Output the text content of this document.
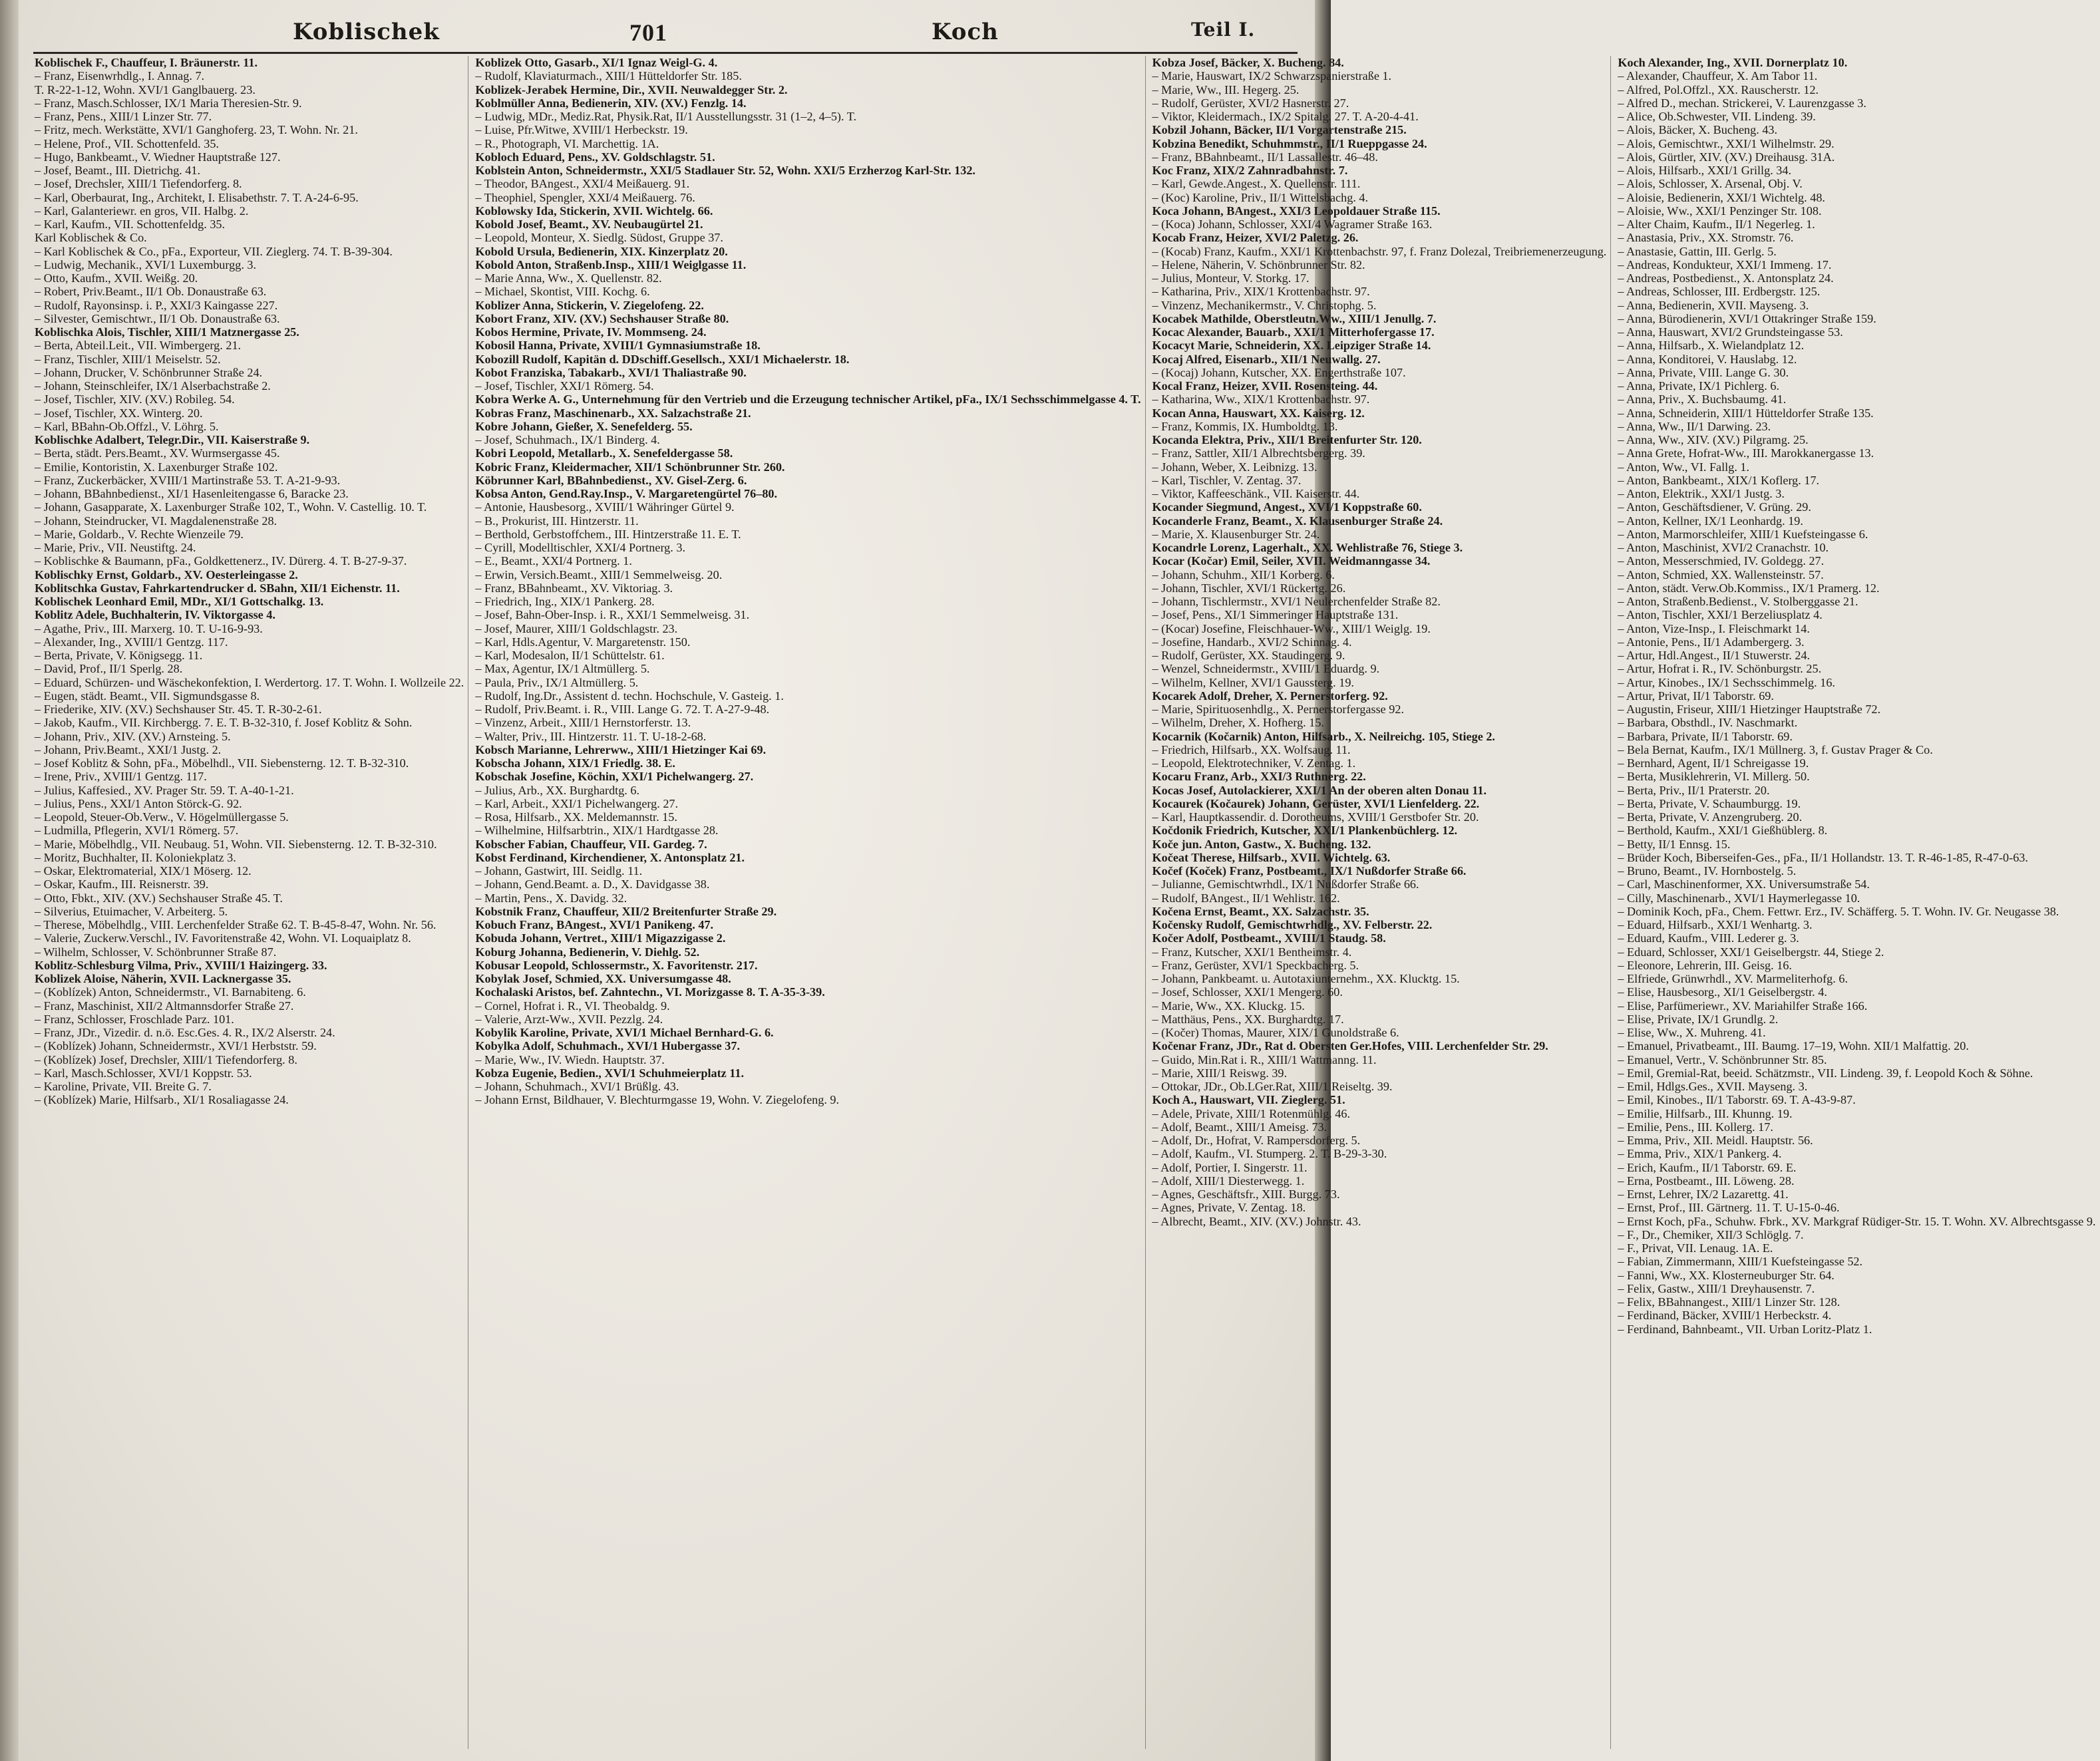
Koblischek	701	Koch	Teil I.
Koblischek F., Chauffeur, I. Bräunerstr. 11.
– Franz, Eisenwrhdlg., I. Annag. 7.
T. R-22-1-12, Wohn. XVI/1 Ganglbauerg. 23.
– Franz, Masch.Schlosser, IX/1 Maria Theresien-Str. 9.
– Franz, Pens., XIII/1 Linzer Str. 77.
– Fritz, mech. Werkstätte, XVI/1 Ganghoferg. 23, T. Wohn. Nr. 21.
– Helene, Prof., VII. Schottenfeld. 35.
– Hugo, Bankbeamt., V. Wiedner Hauptstraße 127.
– Josef, Beamt., III. Dietrichg. 41.
– Josef, Drechsler, XIII/1 Tiefendorferg. 8.
– Karl, Oberbaurat, Ing., Architekt, I. Elisabethstr. 7. T. A-24-6-95.
– Karl, Galanteriewr. en gros, VII. Halbg. 2.
– Karl, Kaufm., VII. Schottenfeldg. 35.
Karl Koblischek & Co.
– Karl Koblischek & Co., pFa., Exporteur, VII. Zieglerg. 74. T. B-39-304.
– Ludwig, Mechanik., XVI/1 Luxemburgg. 3.
– Otto, Kaufm., XVII. Weißg. 20.
– Robert, Priv.Beamt., II/1 Ob. Donaustraße 63.
– Rudolf, Rayonsinsp. i. P., XXI/3 Kaingasse 227.
– Silvester, Gemischtwr., II/1 Ob. Donaustraße 63.
Koblischka Alois, Tischler, XIII/1 Matznergasse 25.
– Berta, Abteil.Leit., VII. Wimbergerg. 21.
– Franz, Tischler, XIII/1 Meiselstr. 52.
– Johann, Drucker, V. Schönbrunner Straße 24.
– Johann, Steinschleifer, IX/1 Alserbachstraße 2.
– Josef, Tischler, XIV. (XV.) Robileg. 54.
– Josef, Tischler, XX. Winterg. 20.
– Karl, BBahn-Ob.Offzl., V. Löhrg. 5.
Koblischke Adalbert, Telegr.Dir., VII. Kaiserstraße 9.
– Berta, städt. Pers.Beamt., XV. Wurmsergasse 45.
– Emilie, Kontoristin, X. Laxenburger Straße 102.
– Franz, Zuckerbäcker, XVIII/1 Martinstraße 53. T. A-21-9-93.
– Johann, BBahnbedienst., XI/1 Hasenleitengasse 6, Baracke 23.
– Johann, Gasapparate, X. Laxenburger Straße 102, T., Wohn. V. Castellig. 10. T.
– Johann, Steindrucker, VI. Magdalenenstraße 28.
– Marie, Goldarb., V. Rechte Wienzeile 79.
– Marie, Priv., VII. Neustiftg. 24.
– Koblischke & Baumann, pFa., Goldkettenerz., IV. Dürerg. 4. T. B-27-9-37.
Koblischky Ernst, Goldarb., XV. Oesterleingasse 2.
Koblitschka Gustav, Fahrkartendrucker d. SBahn, XII/1 Eichenstr. 11.
Koblischek Leonhard Emil, MDr., XI/1 Gottschalkg. 13.
Koblitz Adele, Buchhalterin, IV. Viktorgasse 4.
– Agathe, Priv., III. Marxerg. 10. T. U-16-9-93.
– Alexander, Ing., XVIII/1 Gentzg. 117.
– Berta, Private, V. Königsegg. 11.
– David, Prof., II/1 Sperlg. 28.
– Eduard, Schürzen- und Wäschekonfektion, I. Werdertorg. 17. T. Wohn. I. Wollzeile 22.
– Eugen, städt. Beamt., VII. Sigmundsgasse 8.
– Friederike, XIV. (XV.) Sechshauser Str. 45. T. R-30-2-61.
– Jakob, Kaufm., VII. Kirchbergg. 7. E. T. B-32-310, f. Josef Koblitz & Sohn.
– Johann, Priv., XIV. (XV.) Arnsteing. 5.
– Johann, Priv.Beamt., XXI/1 Justg. 2.
– Josef Koblitz & Sohn, pFa., Möbelhdl., VII. Siebensterng. 12. T. B-32-310.
– Irene, Priv., XVIII/1 Gentzg. 117.
– Julius, Kaffesied., XV. Prager Str. 59. T. A-40-1-21.
– Julius, Pens., XXI/1 Anton Störck-G. 92.
– Leopold, Steuer-Ob.Verw., V. Högelmüllergasse 5.
– Ludmilla, Pflegerin, XVI/1 Römerg. 57.
– Marie, Möbelhdlg., VII. Neubaug. 51, Wohn. VII. Siebensterng. 12. T. B-32-310.
– Moritz, Buchhalter, II. Koloniekplatz 3.
– Oskar, Elektromaterial, XIX/1 Möserg. 12.
– Oskar, Kaufm., III. Reisnerstr. 39.
– Otto, Fbkt., XIV. (XV.) Sechshauser Straße 45. T.
– Silverius, Etuimacher, V. Arbeiterg. 5.
– Therese, Möbelhdlg., VIII. Lerchenfelder Straße 62. T. B-45-8-47, Wohn. Nr. 56.
– Valerie, Zuckerw.Verschl., IV. Favoritenstraße 42, Wohn. VI. Loquaiplatz 8.
– Wilhelm, Schlosser, V. Schönbrunner Straße 87.
Koblitz-Schlesburg Vilma, Priv., XVIII/1 Haizingerg. 33.
Koblizek Aloise, Näherin, XVII. Lacknergasse 35.
– (Koblízek) Anton, Schneidermstr., VI. Barnabiteng. 6.
– Franz, Maschinist, XII/2 Altmannsdorfer Straße 27.
– Franz, Schlosser, Froschlade Parz. 101.
– Franz, JDr., Vizedir. d. n.ö. Esc.Ges. 4. R., IX/2 Alserstr. 24.
– (Koblízek) Johann, Schneidermstr., XVI/1 Herbststr. 59.
– (Koblízek) Josef, Drechsler, XIII/1 Tiefendorferg. 8.
– Karl, Masch.Schlosser, XVI/1 Koppstr. 53.
– Karoline, Private, VII. Breite G. 7.
– (Koblízek) Marie, Hilfsarb., XI/1 Rosaliagasse 24.
Koblizek Otto, Gasarb., XI/1 Ignaz Weigl-G. 4.
– Rudolf, Klaviaturmach., XIII/1 Hütteldorfer Str. 185.
Koblizek-Jerabek Hermine, Dir., XVII. Neuwaldegger Str. 2.
Koblmüller Anna, Bedienerin, XIV. (XV.) Fenzlg. 14.
– Ludwig, MDr., Mediz.Rat, Physik.Rat, II/1 Ausstellungsstr. 31 (1–2, 4–5). T.
– Luise, Pfr.Witwe, XVIII/1 Herbeckstr. 19.
– R., Photograph, VI. Marchettig. 1A.
Kobloch Eduard, Pens., XV. Goldschlagstr. 51.
Koblstein Anton, Schneidermstr., XXI/5 Stadlauer Str. 52, Wohn. XXI/5 Erzherzog Karl-Str. 132.
– Theodor, BAngest., XXI/4 Meißauerg. 91.
– Theophiel, Spengler, XXI/4 Meißauerg. 76.
Koblowsky Ida, Stickerin, XVII. Wichtelg. 66.
Kobold Josef, Beamt., XV. Neubaugürtel 21.
– Leopold, Monteur, X. Siedlg. Südost, Gruppe 37.
Kobold Ursula, Bedienerin, XIX. Kinzerplatz 20.
Kobold Anton, Straßenb.Insp., XIII/1 Weiglgasse 11.
– Marie Anna, Ww., X. Quellenstr. 82.
– Michael, Skontist, VIII. Kochg. 6.
Koblizer Anna, Stickerin, V. Ziegelofeng. 22.
Kobort Franz, XIV. (XV.) Sechshauser Straße 80.
Kobos Hermine, Private, IV. Mommseng. 24.
Kobosil Hanna, Private, XVIII/1 Gymnasiumstraße 18.
Kobozill Rudolf, Kapitän d. DDschiff.Gesellsch., XXI/1 Michaelerstr. 18.
Kobot Franziska, Tabakarb., XVI/1 Thaliastraße 90.
– Josef, Tischler, XXI/1 Römerg. 54.
Kobra Werke A. G., Unternehmung für den Vertrieb und die Erzeugung technischer Artikel, pFa., IX/1 Sechsschimmelgasse 4. T.
Kobras Franz, Maschinenarb., XX. Salzachstraße 21.
Kobre Johann, Gießer, X. Senefelderg. 55.
– Josef, Schuhmach., IX/1 Binderg. 4.
Kobri Leopold, Metallarb., X. Senefeldergasse 58.
Kobric Franz, Kleidermacher, XII/1 Schönbrunner Str. 260.
Köbrunner Karl, BBahnbedienst., XV. Gisel-Zerg. 6.
Kobsa Anton, Gend.Ray.Insp., V. Margaretengürtel 76–80.
– Antonie, Hausbesorg., XVIII/1 Währinger Gürtel 9.
– B., Prokurist, III. Hintzerstr. 11.
– Berthold, Gerbstoffchem., III. Hintzerstraße 11. E. T.
– Cyrill, Modelltischler, XXI/4 Portnerg. 3.
– E., Beamt., XXI/4 Portnerg. 1.
– Erwin, Versich.Beamt., XIII/1 Semmelweisg. 20.
– Franz, BBahnbeamt., XV. Viktoriag. 3.
– Friedrich, Ing., XIX/1 Pankerg. 28.
– Josef, Bahn-Ober-Insp. i. R., XXI/1 Semmelweisg. 31.
– Josef, Maurer, XIII/1 Goldschlagstr. 23.
– Karl, Hdls.Agentur, V. Margaretenstr. 150.
– Karl, Modesalon, II/1 Schüttelstr. 61.
– Max, Agentur, IX/1 Altmüllerg. 5.
– Paula, Priv., IX/1 Altmüllerg. 5.
– Rudolf, Ing.Dr., Assistent d. techn. Hochschule, V. Gasteig. 1.
– Rudolf, Priv.Beamt. i. R., VIII. Lange G. 72. T. A-27-9-48.
– Vinzenz, Arbeit., XIII/1 Hernstorferstr. 13.
– Walter, Priv., III. Hintzerstr. 11. T. U-18-2-68.
Kobsch Marianne, Lehrerww., XIII/1 Hietzinger Kai 69.
Kobscha Johann, XIX/1 Friedlg. 38. E.
Kobschak Josefine, Köchin, XXI/1 Pichelwangerg. 27.
– Julius, Arb., XX. Burghardtg. 6.
– Karl, Arbeit., XXI/1 Pichelwangerg. 27.
– Rosa, Hilfsarb., XX. Meldemannstr. 15.
– Wilhelmine, Hilfsarbtrin., XIX/1 Hardtgasse 28.
Kobscher Fabian, Chauffeur, VII. Gardeg. 7.
Kobst Ferdinand, Kirchendiener, X. Antonsplatz 21.
– Johann, Gastwirt, III. Seidlg. 11.
– Johann, Gend.Beamt. a. D., X. Davidgasse 38.
– Martin, Pens., X. Davidg. 32.
Kobstnik Franz, Chauffeur, XII/2 Breitenfurter Straße 29.
Kobuch Franz, BAngest., XVI/1 Panikeng. 47.
Kobuda Johann, Vertret., XIII/1 Migazzigasse 2.
Koburg Johanna, Bedienerin, V. Diehlg. 52.
Kobusar Leopold, Schlossermstr., X. Favoritenstr. 217.
Kobylak Josef, Schmied, XX. Universumgasse 48.
Kochalaski Aristos, bef. Zahntechn., VI. Morizgasse 8. T. A-35-3-39.
– Cornel, Hofrat i. R., VI. Theobaldg. 9.
– Valerie, Arzt-Ww., XVII. Pezzlg. 24.
Kobylik Karoline, Private, XVI/1 Michael Bernhard-G. 6.
Kobylka Adolf, Schuhmach., XVI/1 Hubergasse 37.
– Marie, Ww., IV. Wiedn. Hauptstr. 37.
Kobza Eugenie, Bedien., XVI/1 Schuhmeierplatz 11.
– Johann, Schuhmach., XVI/1 Brüßlg. 43.
– Johann Ernst, Bildhauer, V. Blechturmgasse 19, Wohn. V. Ziegelofeng. 9.
Kobza Josef, Bäcker, X. Bucheng. 84.
– Marie, Hauswart, IX/2 Schwarzspanierstraße 1.
– Marie, Ww., III. Hegerg. 25.
– Rudolf, Gerüster, XVI/2 Hasnerstr. 27.
– Viktor, Kleidermach., IX/2 Spitalg. 27. T. A-20-4-41.
Kobzil Johann, Bäcker, II/1 Vorgartenstraße 215.
Kobzina Benedikt, Schuhmmstr., II/1 Rueppgasse 24.
– Franz, BBahnbeamt., II/1 Lassallestr. 46–48.
Koc Franz, XIX/2 Zahnradbahnstr. 7.
– Karl, Gewde.Angest., X. Quellenstr. 111.
– (Koc) Karoline, Priv., II/1 Wittelsbachg. 4.
Koca Johann, BAngest., XXI/3 Leopoldauer Straße 115.
– (Koca) Johann, Schlosser, XXI/4 Wagramer Straße 163.
Kocab Franz, Heizer, XVI/2 Paletzg. 26.
– (Kocab) Franz, Kaufm., XXI/1 Krottenbachstr. 97, f. Franz Dolezal, Treibriemenerzeugung.
– Helene, Näherin, V. Schönbrunner Str. 82.
– Julius, Monteur, V. Storkg. 17.
– Katharina, Priv., XIX/1 Krottenbachstr. 97.
– Vinzenz, Mechanikermstr., V. Christophg. 5.
Kocabek Mathilde, Oberstleutn.Ww., XIII/1 Jenullg. 7.
Kocac Alexander, Bauarb., XXI/1 Mitterhofergasse 17.
Kocacyt Marie, Schneiderin, XX. Leipziger Straße 14.
Kocaj Alfred, Eisenarb., XII/1 Neuwallg. 27.
– (Kocaj) Johann, Kutscher, XX. Engerthstraße 107.
Kocal Franz, Heizer, XVII. Rosensteing. 44.
– Katharina, Ww., XIX/1 Krottenbachstr. 97.
Kocan Anna, Hauswart, XX. Kaiserg. 12.
– Franz, Kommis, IX. Humboldtg. 13.
Kocanda Elektra, Priv., XII/1 Breitenfurter Str. 120.
– Franz, Sattler, XII/1 Albrechtsbergerg. 39.
– Johann, Weber, X. Leibnizg. 13.
– Karl, Tischler, V. Zentag. 37.
– Viktor, Kaffeeschänk., VII. Kaiserstr. 44.
Kocander Siegmund, Angest., XVI/1 Koppstraße 60.
Kocanderle Franz, Beamt., X. Klausenburger Straße 24.
– Marie, X. Klausenburger Str. 24.
Kocandrle Lorenz, Lagerhalt., XX. Wehlistraße 76, Stiege 3.
Kocar (Kočar) Emil, Seiler, XVII. Weidmanngasse 34.
– Johann, Schuhm., XII/1 Korberg. 6.
– Johann, Tischler, XVI/1 Rückertg. 26.
– Johann, Tischlermstr., XVI/1 Neulerchenfelder Straße 82.
– Josef, Pens., XI/1 Simmeringer Hauptstraße 131.
– (Kocar) Josefine, Fleischhauer-Ww., XIII/1 Weiglg. 19.
– Josefine, Handarb., XVI/2 Schinnag. 4.
– Rudolf, Gerüster, XX. Staudingerg. 9.
– Wenzel, Schneidermstr., XVIII/1 Eduardg. 9.
– Wilhelm, Kellner, XVI/1 Gaussterg. 19.
Kocarek Adolf, Dreher, X. Pernerstorferg. 92.
– Marie, Spirituosenhdlg., X. Pernerstorfergasse 92.
– Wilhelm, Dreher, X. Hofherg. 15.
Kocarnik (Kočarnik) Anton, Hilfsarb., X. Neilreichg. 105, Stiege 2.
– Friedrich, Hilfsarb., XX. Wolfsaug. 11.
– Leopold, Elektrotechniker, V. Zentag. 1.
Kocaru Franz, Arb., XXI/3 Ruthnerg. 22.
Kocas Josef, Autolackierer, XXI/1 An der oberen alten Donau 11.
Kocaurek (Kočaurek) Johann, Gerüster, XVI/1 Lienfelderg. 22.
– Karl, Hauptkassendir. d. Dorotheums, XVIII/1 Gerstbofer Str. 20.
Kočdonik Friedrich, Kutscher, XXI/1 Plankenbüchlerg. 12.
Koče jun. Anton, Gastw., X. Bucheng. 132.
Kočeat Therese, Hilfsarb., XVII. Wichtelg. 63.
Kočef (Koček) Franz, Postbeamt., IX/1 Nußdorfer Straße 66.
– Julianne, Gemischtwrhdl., IX/1 Nußdorfer Straße 66.
– Rudolf, BAngest., II/1 Wehlistr. 162.
Kočena Ernst, Beamt., XX. Salzachstr. 35.
Kočensky Rudolf, Gemischtwrhdlg., XV. Felberstr. 22.
Kočer Adolf, Postbeamt., XVIII/1 Staudg. 58.
– Franz, Kutscher, XXI/1 Bentheimstr. 4.
– Franz, Gerüster, XVI/1 Speckbacherg. 5.
– Johann, Pankbeamt. u. Autotaxiunternehm., XX. Klucktg. 15.
– Josef, Schlosser, XXI/1 Mengerg. 60.
– Marie, Ww., XX. Kluckg. 15.
– Matthäus, Pens., XX. Burghardtg. 17.
– (Kočer) Thomas, Maurer, XIX/1 Gunoldstraße 6.
Kočenar Franz, JDr., Rat d. Obersten Ger.Hofes, VIII. Lerchenfelder Str. 29.
– Guido, Min.Rat i. R., XIII/1 Wattmanng. 11.
– Marie, XIII/1 Reiswg. 39.
– Ottokar, JDr., Ob.LGer.Rat, XIII/1 Reiseltg. 39.
Koch A., Hauswart, VII. Zieglerg. 51.
– Adele, Private, XIII/1 Rotenmühlg. 46.
– Adolf, Beamt., XIII/1 Ameisg. 73.
– Adolf, Dr., Hofrat, V. Rampersdorferg. 5.
– Adolf, Kaufm., VI. Stumperg. 2. T. B-29-3-30.
– Adolf, Portier, I. Singerstr. 11.
– Adolf, XIII/1 Diesterwegg. 1.
– Agnes, Geschäftsfr., XIII. Burgg. 73.
– Agnes, Private, V. Zentag. 18.
– Albrecht, Beamt., XIV. (XV.) Johnstr. 43.
Koch Alexander, Ing., XVII. Dornerplatz 10.
– Alexander, Chauffeur, X. Am Tabor 11.
– Alfred, Pol.Offzl., XX. Rauscherstr. 12.
– Alfred D., mechan. Strickerei, V. Laurenzgasse 3.
– Alice, Ob.Schwester, VII. Lindeng. 39.
– Alois, Bäcker, X. Bucheng. 43.
– Alois, Gemischtwr., XXI/1 Wilhelmstr. 29.
– Alois, Gürtler, XIV. (XV.) Dreihausg. 31A.
– Alois, Hilfsarb., XXI/1 Grillg. 34.
– Alois, Schlosser, X. Arsenal, Obj. V.
– Aloisie, Bedienerin, XXI/1 Wichtelg. 48.
– Aloisie, Ww., XXI/1 Penzinger Str. 108.
– Alter Chaim, Kaufm., II/1 Negerleg. 1.
– Anastasia, Priv., XX. Stromstr. 76.
– Anastasie, Gattin, III. Gerlg. 5.
– Andreas, Kondukteur, XXI/1 Immeng. 17.
– Andreas, Postbedienst., X. Antonsplatz 24.
– Andreas, Schlosser, III. Erdbergstr. 125.
– Anna, Bedienerin, XVII. Mayseng. 3.
– Anna, Bürodienerin, XVI/1 Ottakringer Straße 159.
– Anna, Hauswart, XVI/2 Grundsteingasse 53.
– Anna, Hilfsarb., X. Wielandplatz 12.
– Anna, Konditorei, V. Hauslabg. 12.
– Anna, Private, VIII. Lange G. 30.
– Anna, Private, IX/1 Pichlerg. 6.
– Anna, Priv., X. Buchsbaumg. 41.
– Anna, Schneiderin, XIII/1 Hütteldorfer Straße 135.
– Anna, Ww., II/1 Darwing. 23.
– Anna, Ww., XIV. (XV.) Pilgramg. 25.
– Anna Grete, Hofrat-Ww., III. Marokkanergasse 13.
– Anton, Ww., VI. Fallg. 1.
– Anton, Bankbeamt., XIX/1 Koflerg. 17.
– Anton, Elektrik., XXI/1 Justg. 3.
– Anton, Geschäftsdiener, V. Grüng. 29.
– Anton, Kellner, IX/1 Leonhardg. 19.
– Anton, Marmorschleifer, XIII/1 Kuefsteingasse 6.
– Anton, Maschinist, XVI/2 Cranachstr. 10.
– Anton, Messerschmied, IV. Goldegg. 27.
– Anton, Schmied, XX. Wallensteinstr. 57.
– Anton, städt. Verw.Ob.Kommiss., IX/1 Pramerg. 12.
– Anton, Straßenb.Bedienst., V. Stolberggasse 21.
– Anton, Tischler, XXI/1 Berzeliusplatz 4.
– Anton, Vize-Insp., I. Fleischmarkt 14.
– Antonie, Pens., II/1 Adambergerg. 3.
– Artur, Hdl.Angest., II/1 Stuwerstr. 24.
– Artur, Hofrat i. R., IV. Schönburgstr. 25.
– Artur, Kinobes., IX/1 Sechsschimmelg. 16.
– Artur, Privat, II/1 Taborstr. 69.
– Augustin, Friseur, XIII/1 Hietzinger Hauptstraße 72.
– Barbara, Obsthdl., IV. Naschmarkt.
– Barbara, Private, II/1 Taborstr. 69.
– Bela Bernat, Kaufm., IX/1 Müllnerg. 3, f. Gustav Prager & Co.
– Bernhard, Agent, II/1 Schreigasse 19.
– Berta, Musiklehrerin, VI. Millerg. 50.
– Berta, Priv., II/1 Praterstr. 20.
– Berta, Private, V. Schaumburgg. 19.
– Berta, Private, V. Anzengruberg. 20.
– Berthold, Kaufm., XXI/1 Gießhüblerg. 8.
– Betty, II/1 Ennsg. 15.
– Brüder Koch, Biberseifen-Ges., pFa., II/1 Hollandstr. 13. T. R-46-1-85, R-47-0-63.
– Bruno, Beamt., IV. Hornbostelg. 5.
– Carl, Maschinenformer, XX. Universumstraße 54.
– Cilly, Maschinenarb., XVI/1 Haymerlegasse 10.
– Dominik Koch, pFa., Chem. Fettwr. Erz., IV. Schäfferg. 5. T. Wohn. IV. Gr. Neugasse 38.
– Eduard, Hilfsarb., XXI/1 Wenhartg. 3.
– Eduard, Kaufm., VIII. Lederer g. 3.
– Eduard, Schlosser, XXI/1 Geiselbergstr. 44, Stiege 2.
– Eleonore, Lehrerin, III. Geisg. 16.
– Elfriede, Grünwrhdl., XV. Marmeliterhofg. 6.
– Elise, Hausbesorg., XI/1 Geiselbergstr. 4.
– Elise, Parfümeriewr., XV. Mariahilfer Straße 166.
– Elise, Private, IX/1 Grundlg. 2.
– Elise, Ww., X. Muhreng. 41.
– Emanuel, Privatbeamt., III. Baumg. 17–19, Wohn. XII/1 Malfattig. 20.
– Emanuel, Vertr., V. Schönbrunner Str. 85.
– Emil, Gremial-Rat, beeid. Schätzmstr., VII. Lindeng. 39, f. Leopold Koch & Söhne.
– Emil, Hdlgs.Ges., XVII. Mayseng. 3.
– Emil, Kinobes., II/1 Taborstr. 69. T. A-43-9-87.
– Emilie, Hilfsarb., III. Khunng. 19.
– Emilie, Pens., III. Kollerg. 17.
– Emma, Priv., XII. Meidl. Hauptstr. 56.
– Emma, Priv., XIX/1 Pankerg. 4.
– Erich, Kaufm., II/1 Taborstr. 69. E.
– Erna, Postbeamt., III. Löweng. 28.
– Ernst, Lehrer, IX/2 Lazarettg. 41.
– Ernst, Prof., III. Gärtnerg. 11. T. U-15-0-46.
– Ernst Koch, pFa., Schuhw. Fbrk., XV. Markgraf Rüdiger-Str. 15. T. Wohn. XV. Albrechtsgasse 9.
– F., Dr., Chemiker, XII/3 Schlöglg. 7.
– F., Privat, VII. Lenaug. 1A. E.
– Fabian, Zimmermann, XIII/1 Kuefsteingasse 52.
– Fanni, Ww., XX. Klosterneuburger Str. 64.
– Felix, Gastw., XIII/1 Dreyhausenstr. 7.
– Felix, BBahnangest., XIII/1 Linzer Str. 128.
– Ferdinand, Bäcker, XVIII/1 Herbeckstr. 4.
– Ferdinand, Bahnbeamt., VII. Urban Loritz-Platz 1.
